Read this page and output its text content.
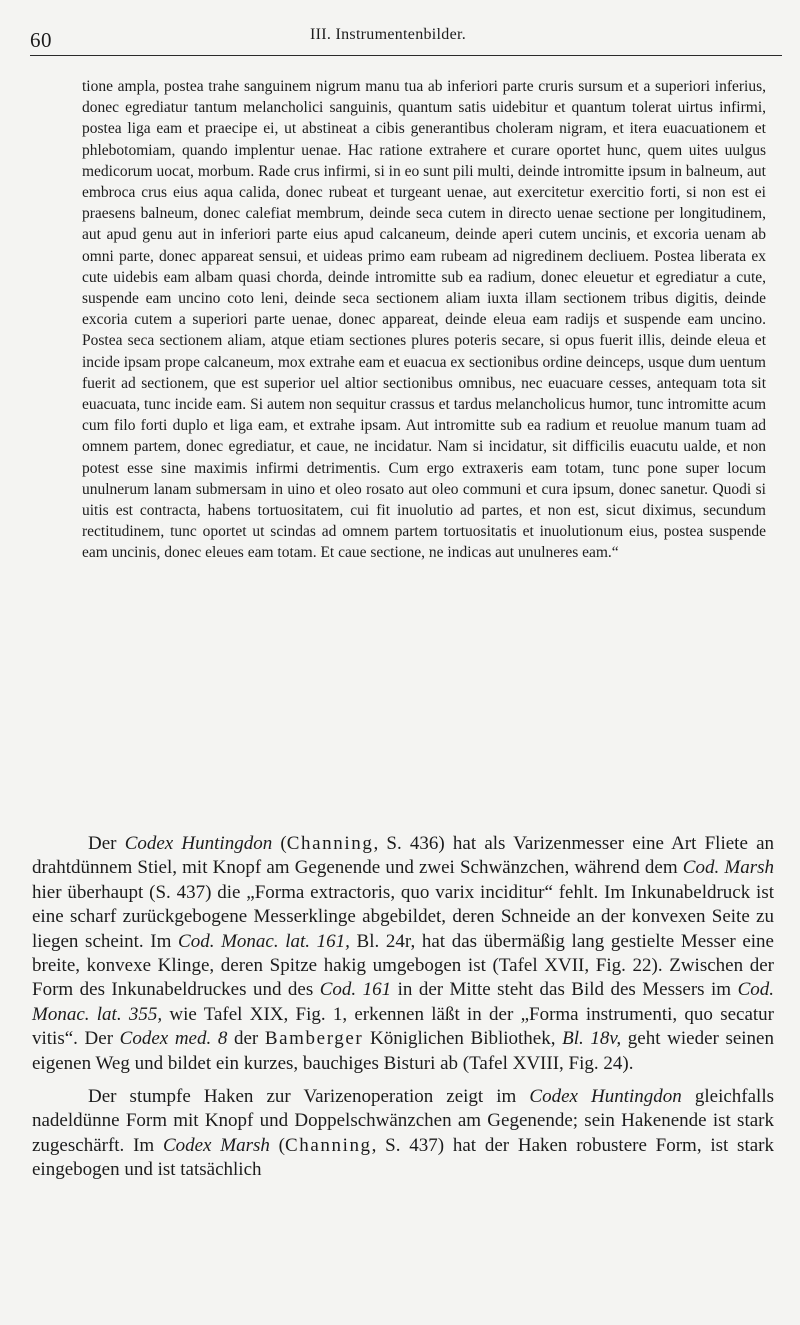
60	III. Instrumentenbilder.

tione ampla, postea trahe sanguinem nigrum manu tua ab inferiori parte cruris sursum et a superiori inferius, donec egrediatur tantum melancholici sanguinis, quantum satis uidebitur et quantum tolerat uirtus infirmi, postea liga eam et praecipe ei, ut abstineat a cibis generantibus choleram nigram, et itera euacuationem et phlebotomiam, quando implentur uenae. Hac ratione extrahere et curare oportet hunc, quem uites uulgus medicorum uocat, morbum. Rade crus infirmi, si in eo sunt pili multi, deinde intromitte ipsum in balneum, aut embroca crus eius aqua calida, donec rubeat et turgeant uenae, aut exercitetur exercitio forti, si non est ei praesens balneum, donec calefiat membrum, deinde seca cutem in directo uenae sectione per longitudinem, aut apud genu aut in inferiori parte eius apud calcaneum, deinde aperi cutem uncinis, et excoria uenam ab omni parte, donec appareat sensui, et uideas primo eam rubeam ad nigredinem decliuem. Postea liberata ex cute uidebis eam albam quasi chorda, deinde intromitte sub ea radium, donec eleuetur et egrediatur a cute, suspende eam uncino coto leni, deinde seca sectionem aliam iuxta illam sectionem tribus digitis, deinde excoria cutem a superiori parte uenae, donec appareat, deinde eleua eam radijs et suspende eam uncino. Postea seca sectionem aliam, atque etiam sectiones plures poteris secare, si opus fuerit illis, deinde eleua et incide ipsam prope calcaneum, mox extrahe eam et euacua ex sectionibus ordine deinceps, usque dum uentum fuerit ad sectionem, que est superior uel altior sectionibus omnibus, nec euacuare cesses, antequam tota sit euacuata, tunc incide eam. Si autem non sequitur crassus et tardus melancholicus humor, tunc intromitte acum cum filo forti duplo et liga eam, et extrahe ipsam. Aut intromitte sub ea radium et reuolue manum tuam ad omnem partem, donec egrediatur, et caue, ne incidatur. Nam si incidatur, sit difficilis euacutu ualde, et non potest esse sine maximis infirmi detrimentis. Cum ergo extraxeris eam totam, tunc pone super locum unulnerum lanam submersam in uino et oleo rosato aut oleo communi et cura ipsum, donec sanetur. Quodi si uitis est contracta, habens tortuositatem, cui fit inuolutio ad partes, et non est, sicut diximus, secundum rectitudinem, tunc oportet ut scindas ad omnem partem tortuositatis et inuolutionum eius, postea suspende eam uncinis, donec eleues eam totam. Et caue sectione, ne indicas aut unulneres eam.“

Der Codex Huntingdon (Channing, S. 436) hat als Varizenmesser eine Art Fliete an drahtdünnem Stiel, mit Knopf am Gegenende und zwei Schwänzchen, während dem Cod. Marsh hier überhaupt (S. 437) die „Forma extractoris, quo varix inciditur“ fehlt. Im Inkunabeldruck ist eine scharf zurückgebogene Messerklinge abgebildet, deren Schneide an der konvexen Seite zu liegen scheint. Im Cod. Monac. lat. 161, Bl. 24r, hat das übermäßig lang gestielte Messer eine breite, konvexe Klinge, deren Spitze hakig umgebogen ist (Tafel XVII, Fig. 22). Zwischen der Form des Inkunabeldruckes und des Cod. 161 in der Mitte steht das Bild des Messers im Cod. Monac. lat. 355, wie Tafel XIX, Fig. 1, erkennen läßt in der „Forma instrumenti, quo secatur vitis“. Der Codex med. 8 der Bamberger Königlichen Bibliothek, Bl. 18v, geht wieder seinen eigenen Weg und bildet ein kurzes, bauchiges Bisturi ab (Tafel XVIII, Fig. 24).

Der stumpfe Haken zur Varizenoperation zeigt im Codex Huntingdon gleichfalls nadeldünne Form mit Knopf und Doppelschwänzchen am Gegenende; sein Hakenende ist stark zugeschärft. Im Codex Marsh (Channing, S. 437) hat der Haken robustere Form, ist stark eingebogen und ist tatsächlich
